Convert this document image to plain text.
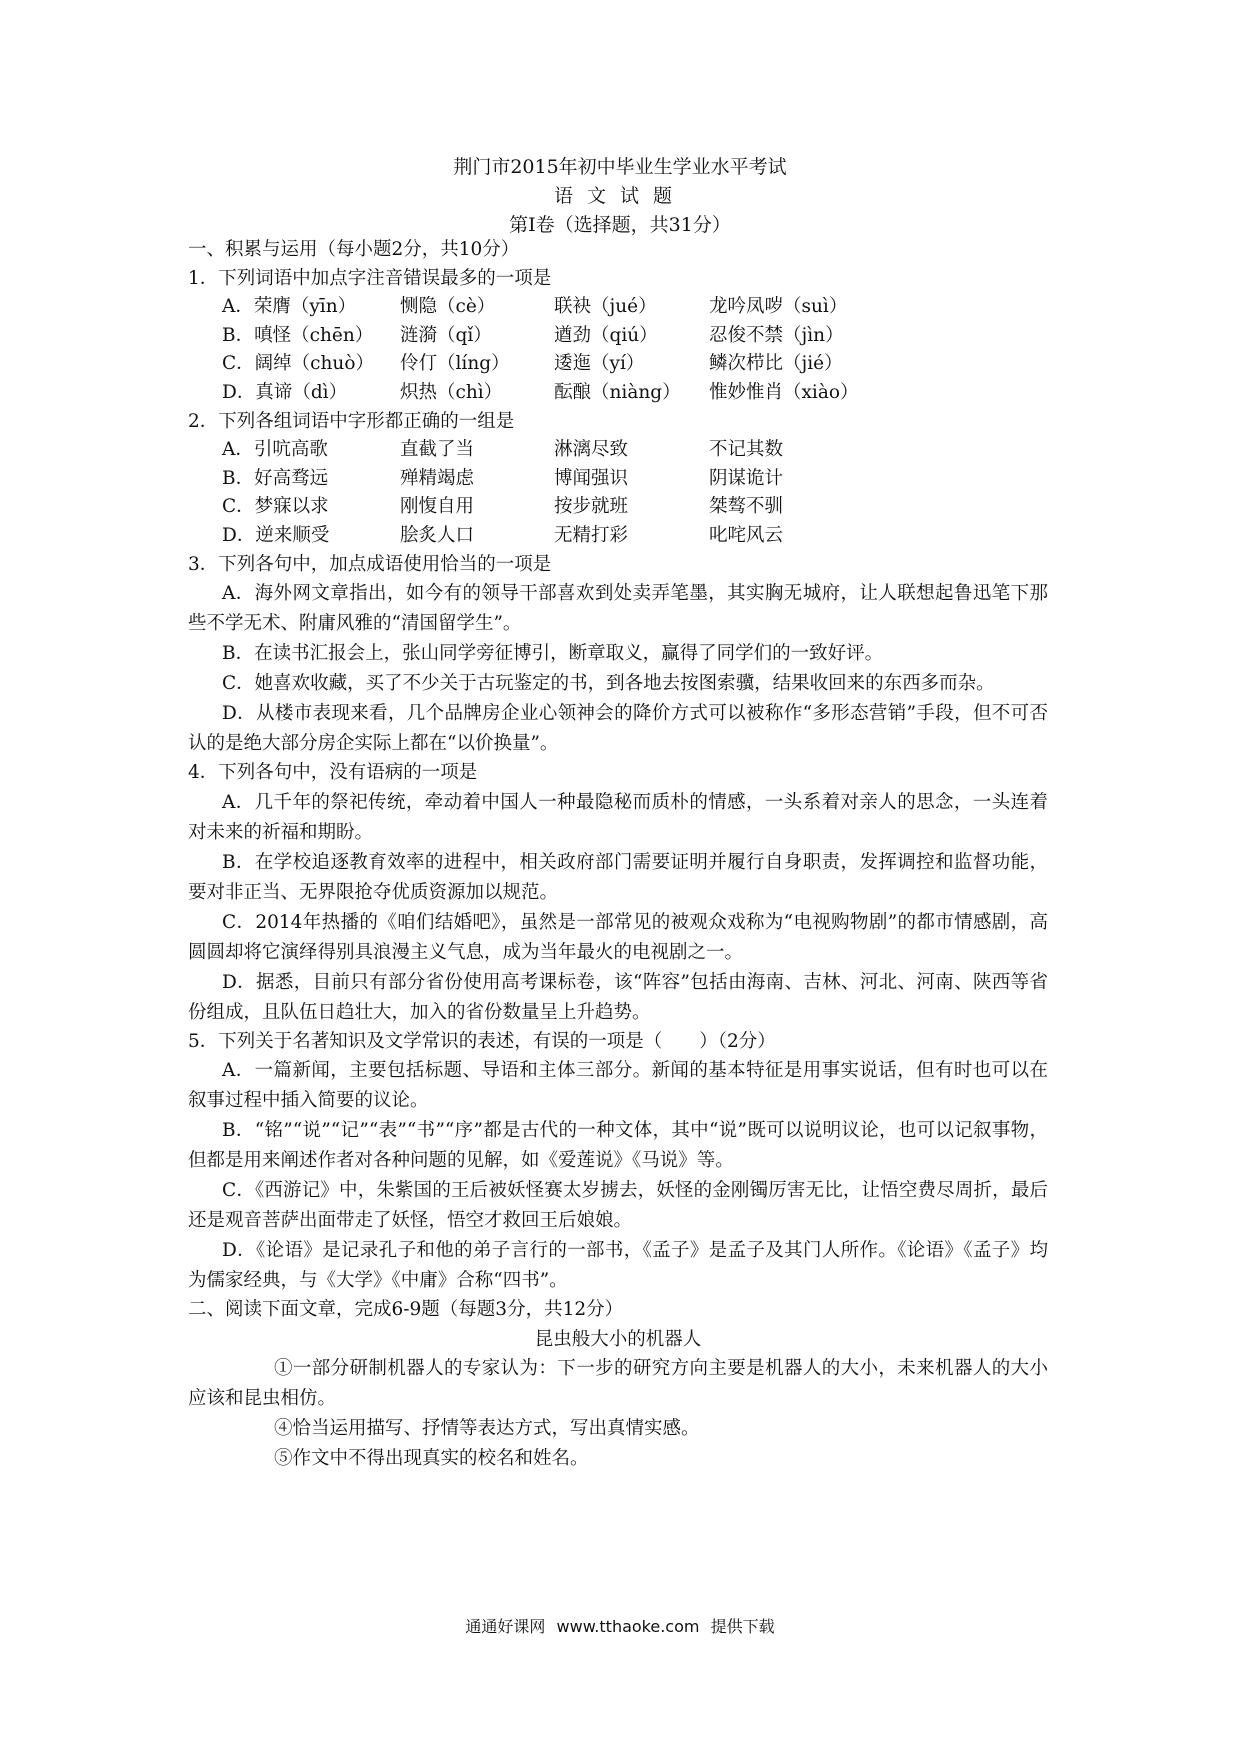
荆门市2015年初中毕业生学业水平考试
语文试题
第Ⅰ卷（选择题，共31分）
一、积累与运用（每小题2分，共10分）
1．下列词语中加点字注音错误最多的一项是
A．荣膺（yīn）	恻隐（cè）	联袂（jué）	龙吟凤哕（suì）
B．嗔怪（chēn）	涟漪（qǐ）	遒劲（qiú）	忍俊不禁（jìn）
C．阔绰（chuò）	伶仃（líng）	逶迤（yí）	鳞次栉比（jié）
D．真谛（dì）	炽热（chì）	酝酿（niàng）	惟妙惟肖（xiào）
2．下列各组词语中字形都正确的一组是
A．引吭高歌	直截了当	淋漓尽致	不记其数
B．好高骛远	殚精竭虑	博闻强识	阴谋诡计
C．梦寐以求	刚愎自用	按步就班	桀骜不驯
D．逆来顺受	脍炙人口	无精打彩	叱咤风云
3．下列各句中，加点成语使用恰当的一项是

A．海外网文章指出，如今有的领导干部喜欢到处卖弄笔墨，其实胸无城府，让人联想起鲁迅笔下那些不学无术、附庸风雅的“清国留学生”。

B．在读书汇报会上，张山同学旁征博引，断章取义，赢得了同学们的一致好评。

C．她喜欢收藏，买了不少关于古玩鉴定的书，到各地去按图索骥，结果收回来的东西多而杂。

D．从楼市表现来看，几个品牌房企业心领神会的降价方式可以被称作“多形态营销”手段，但不可否认的是绝大部分房企实际上都在“以价换量”。

4．下列各句中，没有语病的一项是

A．几千年的祭祀传统，牵动着中国人一种最隐秘而质朴的情感，一头系着对亲人的思念，一头连着对未来的祈福和期盼。

B．在学校追逐教育效率的进程中，相关政府部门需要证明并履行自身职责，发挥调控和监督功能，要对非正当、无界限抢夺优质资源加以规范。

C．2014年热播的《咱们结婚吧》，虽然是一部常见的被观众戏称为“电视购物剧”的都市情感剧，高圆圆却将它演绎得别具浪漫主义气息，成为当年最火的电视剧之一。

D．据悉，目前只有部分省份使用高考课标卷，该“阵容”包括由海南、吉林、河北、河南、陕西等省份组成，且队伍日趋壮大，加入的省份数量呈上升趋势。

5．下列关于名著知识及文学常识的表述，有误的一项是（　　）（2分）

A．一篇新闻，主要包括标题、导语和主体三部分。新闻的基本特征是用事实说话，但有时也可以在叙事过程中插入简要的议论。

B．“铭”“说”“记”“表”“书”“序”都是古代的一种文体，其中“说”既可以说明议论，也可以记叙事物，但都是用来阐述作者对各种问题的见解，如《爱莲说》《马说》等。

C．《西游记》中，朱紫国的王后被妖怪赛太岁掳去，妖怪的金刚镯厉害无比，让悟空费尽周折，最后还是观音菩萨出面带走了妖怪，悟空才救回王后娘娘。

D．《论语》是记录孔子和他的弟子言行的一部书，《孟子》是孟子及其门人所作。《论语》《孟子》均为儒家经典，与《大学》《中庸》合称“四书”。

二、阅读下面文章，完成6-9题（每题3分，共12分）
昆虫般大小的机器人

①一部分研制机器人的专家认为：下一步的研究方向主要是机器人的大小，未来机器人的大小应该和昆虫相仿。

④恰当运用描写、抒情等表达方式，写出真情实感。

⑤作文中不得出现真实的校名和姓名。

通通好课网 www.tthaoke.com 提供下载
